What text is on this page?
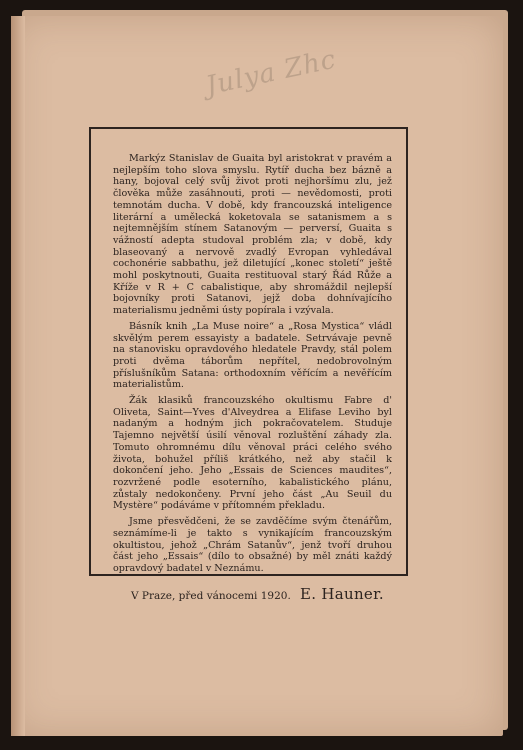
Julya Zhc

Markýz Stanislav de Guaita byl aristokrat v pravém a nejlepším toho slova smyslu. Rytíř ducha bez bázně a hany, bojoval celý svůj život proti nejhoršímu zlu, jež člověka může zasáhnouti, proti — nevědomosti, proti temnotám ducha. V době, kdy francouzská inteligence literární a umělecká koketovala se satanismem a s nejtemnějším stínem Satanovým — perversí, Guaita s vážností adepta studoval problém zla; v době, kdy blaseovaný a nervově zvadlý Evropan vyhledával cochonérie sabbathu, jež diletující „konec století“ ještě mohl poskytnouti, Guaita restituoval starý Řád Růže a Kříže v R + C cabalistique, aby shromáždil nejlepší bojovníky proti Satanovi, jejž doba dohnívajícího materialismu jedněmi ústy popírala i vzývala.

Básník knih „La Muse noire“ a „Rosa Mystica“ vládl skvělým perem essayisty a badatele. Setrvávaje pevně na stanovisku opravdového hledatele Pravdy, stál polem proti dvěma táborům nepřítel, nedobrovolným příslušníkům Satana: orthodoxním věřícím a nevěřícím materialistům.

Žák klasiků francouzského okultismu Fabre d' Oliveta, Saint—Yves d'Alveydrea a Elifase Leviho byl nadaným a hodným jich pokračovatelem. Studuje Tajemno největší úsilí věnoval rozluštění záhady zla. Tomuto ohromnému dílu věnoval práci celého svého života, bohužel příliš krátkého, než aby stačil k dokončení jeho. Jeho „Essais de Sciences maudites“, rozvržené podle esoterního, kabalistického plánu, zůstaly nedokončeny. První jeho část „Au Seuil du Mystère“ podáváme v přítomném překladu.

Jsme přesvědčeni, že se zavděčíme svým čtenářům, seznámíme-li je takto s vynikajícím francouzským okultistou, jehož „Chrám Satanův“, jenž tvoří druhou část jeho „Essais“ (dílo to obsažné) by měl znáti každý opravdový badatel v Neznámu.

V Praze, před vánocemi 1920. E. Hauner.
